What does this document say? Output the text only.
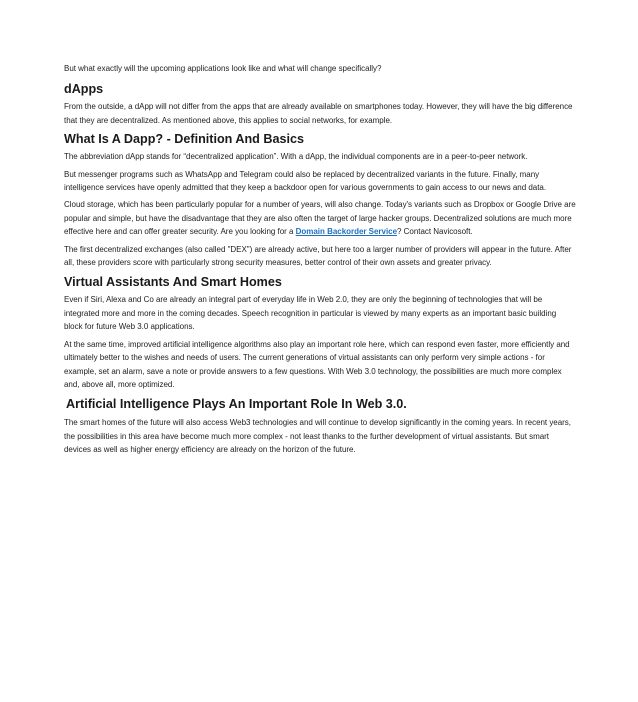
But what exactly will the upcoming applications look like and what will change specifically?

dApps

From the outside, a dApp will not differ from the apps that are already available on smartphones today. However, they will have the big difference that they are decentralized. As mentioned above, this applies to social networks, for example.

What Is A Dapp? - Definition And Basics

The abbreviation dApp stands for “decentralized application”. With a dApp, the individual components are in a peer-to-peer network.

But messenger programs such as WhatsApp and Telegram could also be replaced by decentralized variants in the future. Finally, many intelligence services have openly admitted that they keep a backdoor open for various governments to gain access to our news and data.

Cloud storage, which has been particularly popular for a number of years, will also change. Today's variants such as Dropbox or Google Drive are popular and simple, but have the disadvantage that they are also often the target of large hacker groups. Decentralized solutions are much more effective here and can offer greater security. Are you looking for a Domain Backorder Service? Contact Navicosoft.

The first decentralized exchanges (also called "DEX") are already active, but here too a larger number of providers will appear in the future. After all, these providers score with particularly strong security measures, better control of their own assets and greater privacy.

Virtual Assistants And Smart Homes

Even if Siri, Alexa and Co are already an integral part of everyday life in Web 2.0, they are only the beginning of technologies that will be integrated more and more in the coming decades. Speech recognition in particular is viewed by many experts as an important basic building block for future Web 3.0 applications.

At the same time, improved artificial intelligence algorithms also play an important role here, which can respond even faster, more efficiently and ultimately better to the wishes and needs of users. The current generations of virtual assistants can only perform very simple actions - for example, set an alarm, save a note or provide answers to a few questions. With Web 3.0 technology, the possibilities are much more complex and, above all, more optimized.

Artificial Intelligence Plays An Important Role In Web 3.0.

The smart homes of the future will also access Web3 technologies and will continue to develop significantly in the coming years. In recent years, the possibilities in this area have become much more complex - not least thanks to the further development of virtual assistants. But smart devices as well as higher energy efficiency are already on the horizon of the future.
